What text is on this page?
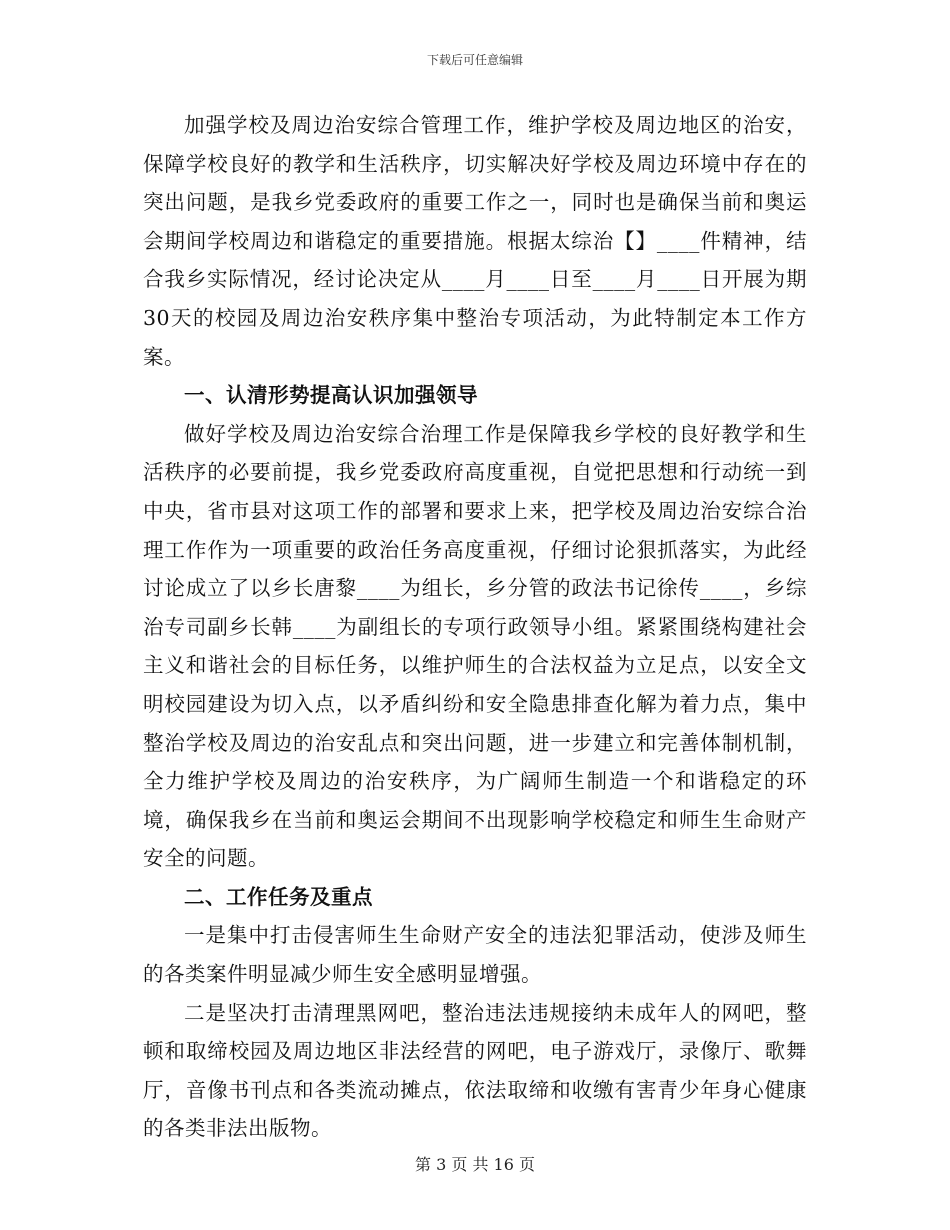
下载后可任意编辑

加强学校及周边治安综合管理工作，维护学校及周边地区的治安，保障学校良好的教学和生活秩序，切实解决好学校及周边环境中存在的突出问题，是我乡党委政府的重要工作之一，同时也是确保当前和奥运会期间学校周边和谐稳定的重要措施。根据太综治【】____件精神，结合我乡实际情况，经讨论决定从____月____日至____月____日开展为期30天的校园及周边治安秩序集中整治专项活动，为此特制定本工作方案。

一、认清形势提高认识加强领导

做好学校及周边治安综合治理工作是保障我乡学校的良好教学和生活秩序的必要前提，我乡党委政府高度重视，自觉把思想和行动统一到中央，省市县对这项工作的部署和要求上来，把学校及周边治安综合治理工作作为一项重要的政治任务高度重视，仔细讨论狠抓落实，为此经讨论成立了以乡长唐黎____为组长，乡分管的政法书记徐传____，乡综治专司副乡长韩____为副组长的专项行政领导小组。紧紧围绕构建社会主义和谐社会的目标任务，以维护师生的合法权益为立足点，以安全文明校园建设为切入点，以矛盾纠纷和安全隐患排查化解为着力点，集中整治学校及周边的治安乱点和突出问题，进一步建立和完善体制机制，全力维护学校及周边的治安秩序，为广阔师生制造一个和谐稳定的环境，确保我乡在当前和奥运会期间不出现影响学校稳定和师生生命财产安全的问题。

二、工作任务及重点

一是集中打击侵害师生生命财产安全的违法犯罪活动，使涉及师生的各类案件明显减少师生安全感明显增强。

二是坚决打击清理黑网吧，整治违法违规接纳未成年人的网吧，整顿和取缔校园及周边地区非法经营的网吧，电子游戏厅，录像厅、歌舞厅，音像书刊点和各类流动摊点，依法取缔和收缴有害青少年身心健康的各类非法出版物。

第 3 页 共 16 页
